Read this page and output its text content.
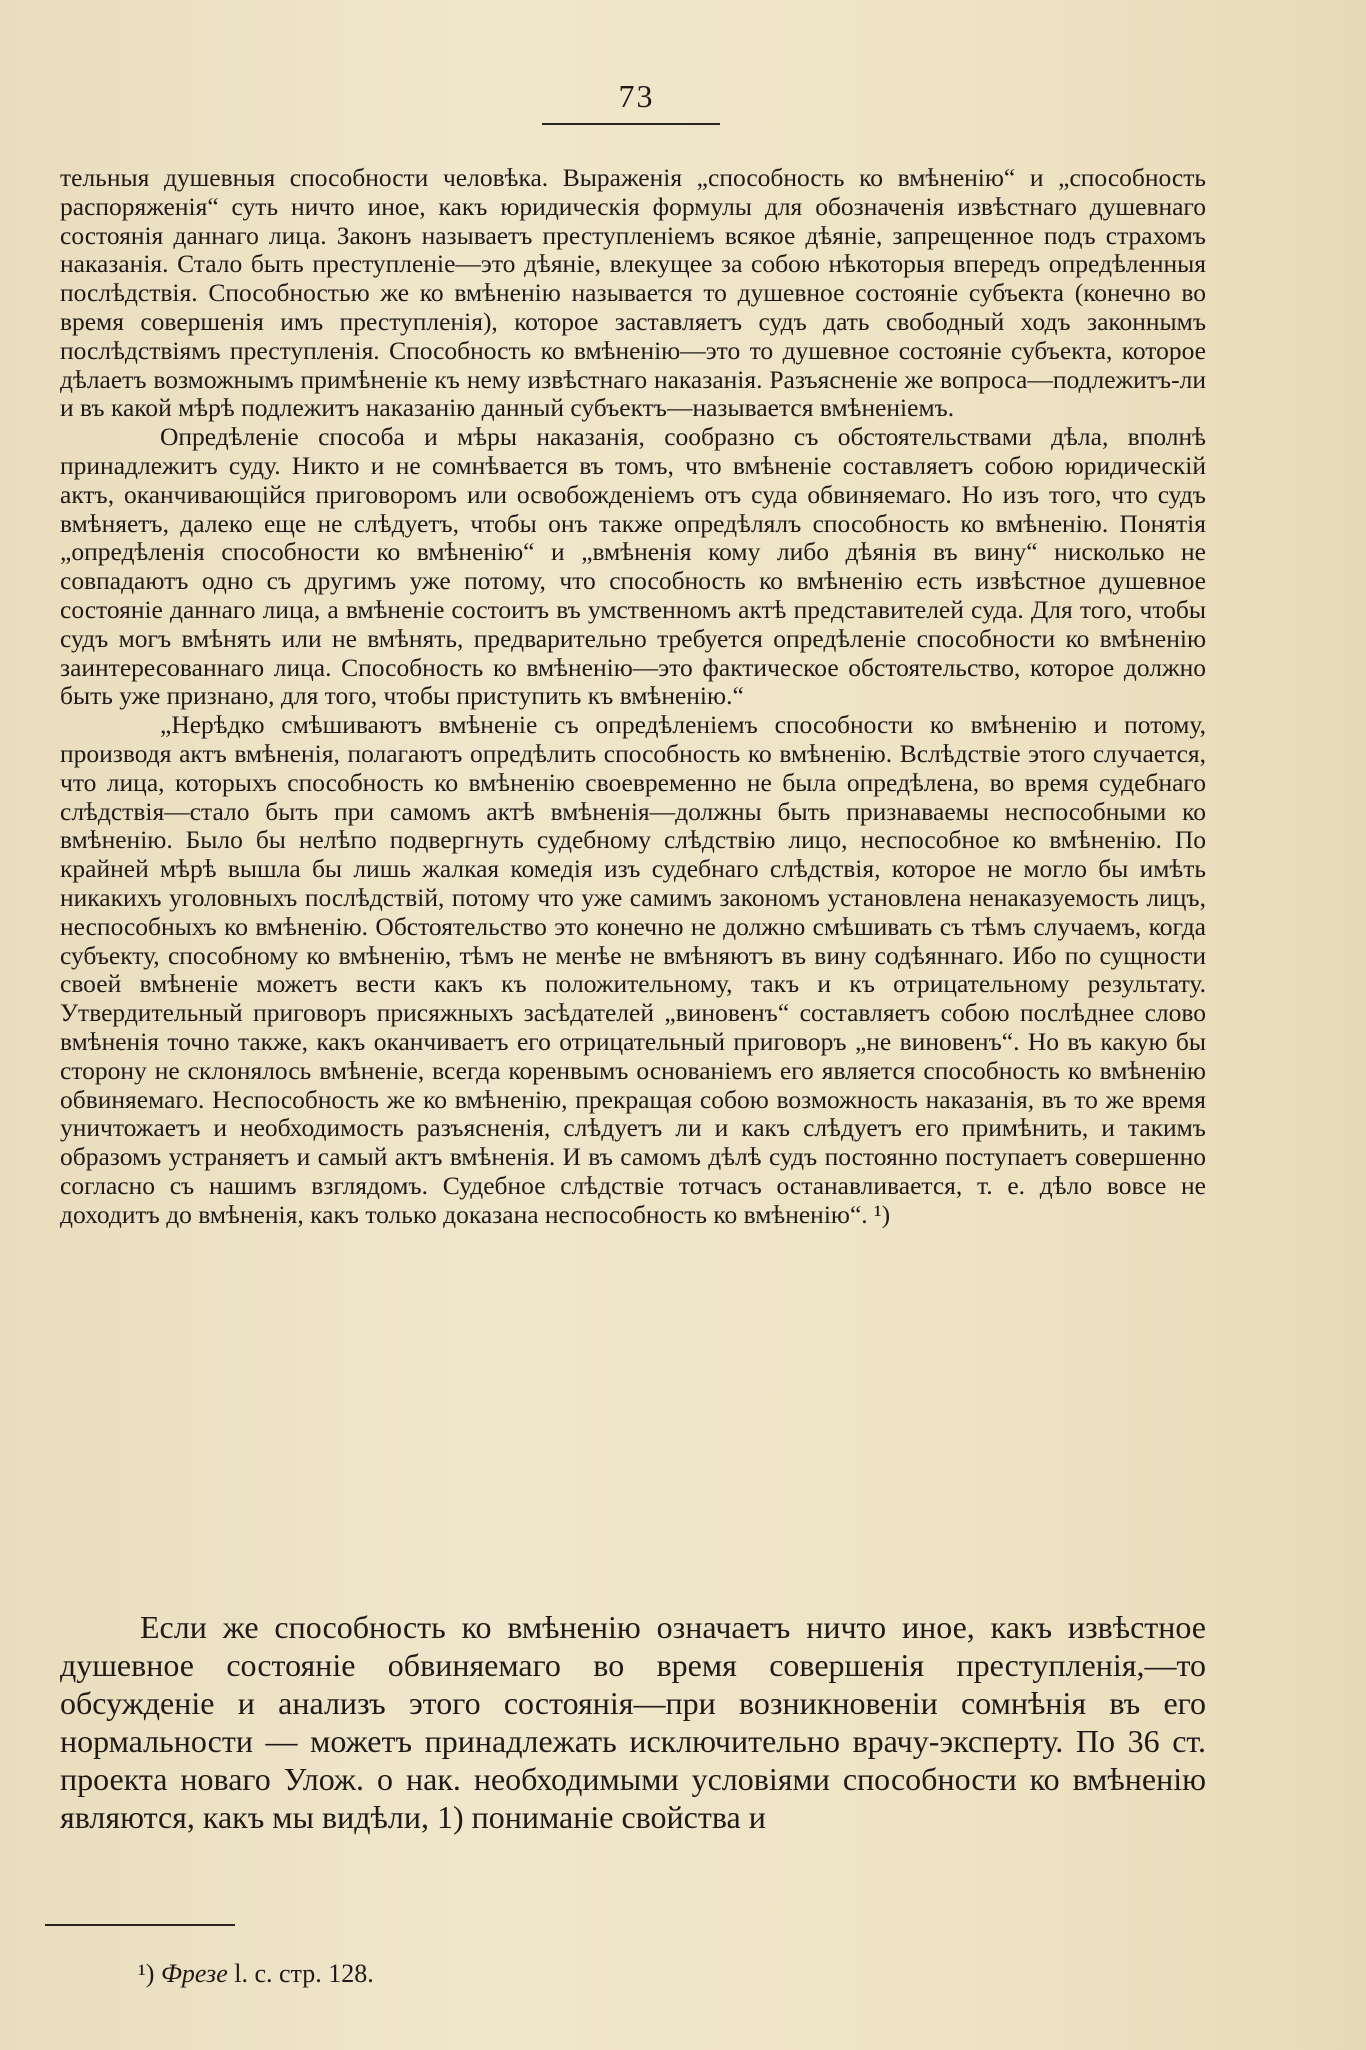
73

тельныя душевныя способности человѣка. Выраженія „способность ко вмѣненію“ и „способность распоряженія“ суть ничто иное, какъ юридическія формулы для обозначенія извѣстнаго душевнаго состоянія даннаго лица. Законъ называетъ преступленіемъ всякое дѣяніе, запрещенное подъ страхомъ наказанія. Стало быть преступленіе—это дѣяніе, влекущее за собою нѣкоторыя впередъ опредѣленныя послѣдствія. Способностью же ко вмѣненію называется то душевное состояніе субъекта (конечно во время совершенія имъ преступленія), которое заставляетъ судъ дать свободный ходъ законнымъ послѣдствіямъ преступленія. Способность ко вмѣненію—это то душевное состояніе субъекта, которое дѣлаетъ возможнымъ примѣненіе къ нему извѣстнаго наказанія. Разъясненіе же вопроса—подлежитъ-ли и въ какой мѣрѣ подлежитъ наказанію данный субъектъ—называется вмѣненіемъ.

Опредѣленіе способа и мѣры наказанія, сообразно съ обстоятельствами дѣла, вполнѣ принадлежитъ суду. Никто и не сомнѣвается въ томъ, что вмѣненіе составляетъ собою юридическій актъ, оканчивающійся приговоромъ или освобожденіемъ отъ суда обвиняемаго. Но изъ того, что судъ вмѣняетъ, далеко еще не слѣдуетъ, чтобы онъ также опредѣлялъ способность ко вмѣненію. Понятія „опредѣленія способности ко вмѣненію“ и „вмѣненія кому либо дѣянія въ вину“ нисколько не совпадаютъ одно съ другимъ уже потому, что способность ко вмѣненію есть извѣстное душевное состояніе даннаго лица, а вмѣненіе состоитъ въ умственномъ актѣ представителей суда. Для того, чтобы судъ могъ вмѣнять или не вмѣнять, предварительно требуется опредѣленіе способности ко вмѣненію заинтересованнаго лица. Способность ко вмѣненію—это фактическое обстоятельство, которое должно быть уже признано, для того, чтобы приступить къ вмѣненію.“

„Нерѣдко смѣшиваютъ вмѣненіе съ опредѣленіемъ способности ко вмѣненію и потому, производя актъ вмѣненія, полагаютъ опредѣлить способность ко вмѣненію. Вслѣдствіе этого случается, что лица, которыхъ способность ко вмѣненію своевременно не была опредѣлена, во время судебнаго слѣдствія—стало быть при самомъ актѣ вмѣненія—должны быть признаваемы неспособными ко вмѣненію. Было бы нелѣпо подвергнуть судебному слѣдствію лицо, неспособное ко вмѣненію. По крайней мѣрѣ вышла бы лишь жалкая комедія изъ судебнаго слѣдствія, которое не могло бы имѣть никакихъ уголовныхъ послѣдствій, потому что уже самимъ закономъ установлена ненаказуемость лицъ, неспособныхъ ко вмѣненію. Обстоятельство это конечно не должно смѣшивать съ тѣмъ случаемъ, когда субъекту, способному ко вмѣненію, тѣмъ не менѣе не вмѣняютъ въ вину содѣяннаго. Ибо по сущности своей вмѣненіе можетъ вести какъ къ положительному, такъ и къ отрицательному результату. Утвердительный приговоръ присяжныхъ засѣдателей „виновенъ“ составляетъ собою послѣднее слово вмѣненія точно также, какъ оканчиваетъ его отрицательный приговоръ „не виновенъ“. Но въ какую бы сторону не склонялось вмѣненіе, всегда коренвымъ основаніемъ его является способность ко вмѣненію обвиняемаго. Неспособность же ко вмѣненію, прекращая собою возможность наказанія, въ то же время уничтожаетъ и необходимость разъясненія, слѣдуетъ ли и какъ слѣдуетъ его примѣнить, и такимъ образомъ устраняетъ и самый актъ вмѣненія. И въ самомъ дѣлѣ судъ постоянно поступаетъ совершенно согласно съ нашимъ взглядомъ. Судебное слѣдствіе тотчасъ останавливается, т. е. дѣло вовсе не доходитъ до вмѣненія, какъ только доказана неспособность ко вмѣненію“. ¹)

Если же способность ко вмѣненію означаетъ ничто иное, какъ извѣстное душевное состояніе обвиняемаго во время совершенія преступленія,—то обсужденіе и анализъ этого состоянія—при возникновеніи сомнѣнія въ его нормальности — можетъ принадлежать исключительно врачу-эксперту. По 36 ст. проекта новаго Улож. о нак. необходимыми условіями способности ко вмѣненію являются, какъ мы видѣли, 1) пониманіе свойства и

¹) Фрезе l. с. стр. 128.
